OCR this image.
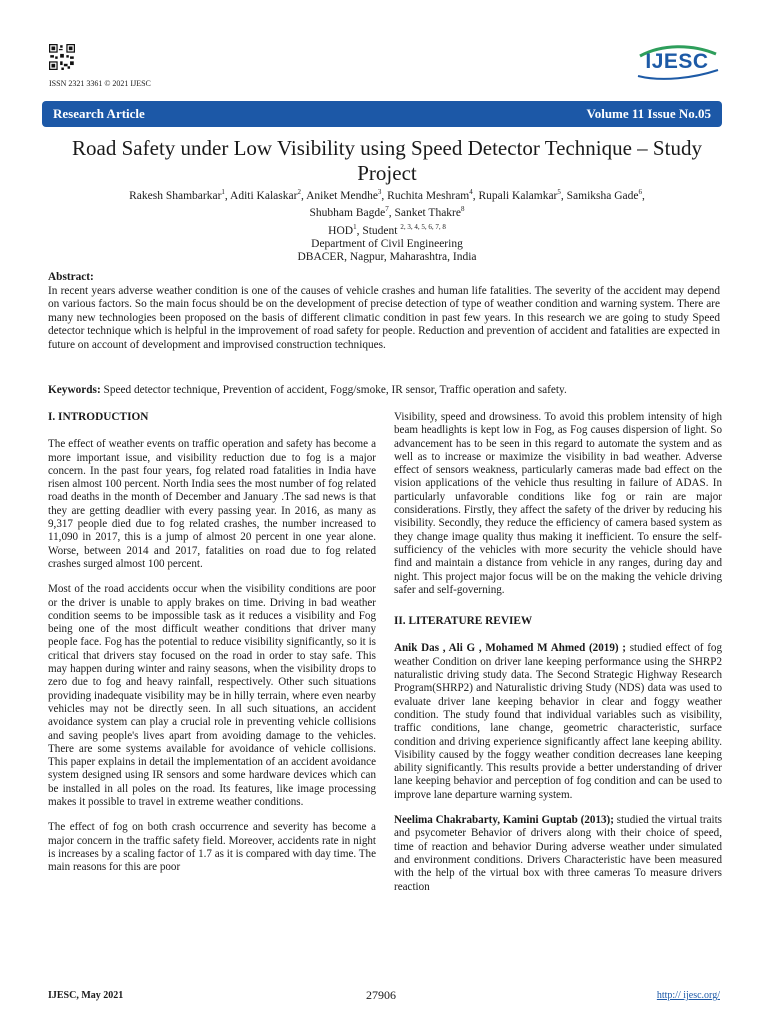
ISSN 2321 3361 © 2021 IJESC
IJESC
Research Article	Volume 11 Issue No.05
Road Safety under Low Visibility using Speed Detector Technique – Study Project
Rakesh Shambarkar$^1$, Aditi Kalaskar$^2$, Aniket Mendhe$^3$, Ruchita Meshram$^4$, Rupali Kalamkar$^5$, Samiksha Gade$^6$,
Shubham Bagde$^7$, Sanket Thakre$^8$
HOD$^1$, Student $^{2, 3, 4, 5, 6, 7, 8}$
Department of Civil Engineering
DBACER, Nagpur, Maharashtra, India
Abstract:
In recent years adverse weather condition is one of the causes of vehicle crashes and human life fatalities. The severity of the accident may depend on various factors. So the main focus should be on the development of precise detection of type of weather condition and warning system. There are many new technologies been proposed on the basis of different climatic condition in past few years. In this research we are going to study Speed detector technique which is helpful in the improvement of road safety for people. Reduction and prevention of accident and fatalities are expected in future on account of development and improvised construction techniques.
Keywords: Speed detector technique, Prevention of accident, Fogg/smoke, IR sensor, Traffic operation and safety.
I. INTRODUCTION

The effect of weather events on traffic operation and safety has become a more important issue, and visibility reduction due to fog is a major concern. In the past four years, fog related road fatalities in India have risen almost 100 percent. North India sees the most number of fog related road deaths in the month of December and January .The sad news is that they are getting deadlier with every passing year. In 2016, as many as 9,317 people died due to fog related crashes, the number increased to 11,090 in 2017, this is a jump of almost 20 percent in one year alone. Worse, between 2014 and 2017, fatalities on road due to fog related crashes surged almost 100 percent.

Most of the road accidents occur when the visibility conditions are poor or the driver is unable to apply brakes on time. Driving in bad weather condition seems to be impossible task as it reduces a visibility and Fog being one of the most difficult weather conditions that driver many people face. Fog has the potential to reduce visibility significantly, so it is critical that drivers stay focused on the road in order to stay safe. This may happen during winter and rainy seasons, when the visibility drops to zero due to fog and heavy rainfall, respectively. Other such situations providing inadequate visibility may be in hilly terrain, where even nearby vehicles may not be directly seen. In all such situations, an accident avoidance system can play a crucial role in preventing vehicle collisions and saving people's lives apart from avoiding damage to the vehicles. There are some systems available for avoidance of vehicle collisions. This paper explains in detail the implementation of an accident avoidance system designed using IR sensors and some hardware devices which can be installed in all poles on the road. Its features, like image processing makes it possible to travel in extreme weather conditions.

The effect of fog on both crash occurrence and severity has become a major concern in the traffic safety field. Moreover, accidents rate in night is increases by a scaling factor of 1.7 as it is compared with day time. The main reasons for this are poor

Visibility, speed and drowsiness. To avoid this problem intensity of high beam headlights is kept low in Fog, as Fog causes dispersion of light. So advancement has to be seen in this regard to automate the system and as well as to increase or maximize the visibility in bad weather. Adverse effect of sensors weakness, particularly cameras made bad effect on the vision applications of the vehicle thus resulting in failure of ADAS. In particularly unfavorable conditions like fog or rain are major considerations. Firstly, they affect the safety of the driver by reducing his visibility. Secondly, they reduce the efficiency of camera based system as they change image quality thus making it inefficient. To ensure the self-sufficiency of the vehicles with more security the vehicle should have find and maintain a distance from vehicle in any ranges, during day and night. This project major focus will be on the making the vehicle driving safer and self-governing.

II. LITERATURE REVIEW

Anik Das , Ali G , Mohamed M Ahmed (2019) ; studied effect of fog weather Condition on driver lane keeping performance using the SHRP2 naturalistic driving study data. The Second Strategic Highway Research Program(SHRP2) and Naturalistic driving Study (NDS) data was used to evaluate driver lane keeping behavior in clear and foggy weather condition. The study found that individual variables such as visibility, traffic conditions, lane change, geometric characteristic, surface condition and driving experience significantly affect lane keeping ability. Visibility caused by the foggy weather condition decreases lane keeping ability significantly. This results provide a better understanding of driver lane keeping behavior and perception of fog condition and can be used to improve lane departure warning system.

Neelima Chakrabarty, Kamini Guptab (2013); studied the virtual traits and psycometer Behavior of drivers along with their choice of speed, time of reaction and behavior During adverse weather under simulated and environment conditions. Drivers Characteristic have been measured with the help of the virtual box with three cameras To measure drivers reaction

IJESC, May 2021	27906	http:// ijesc.org/
